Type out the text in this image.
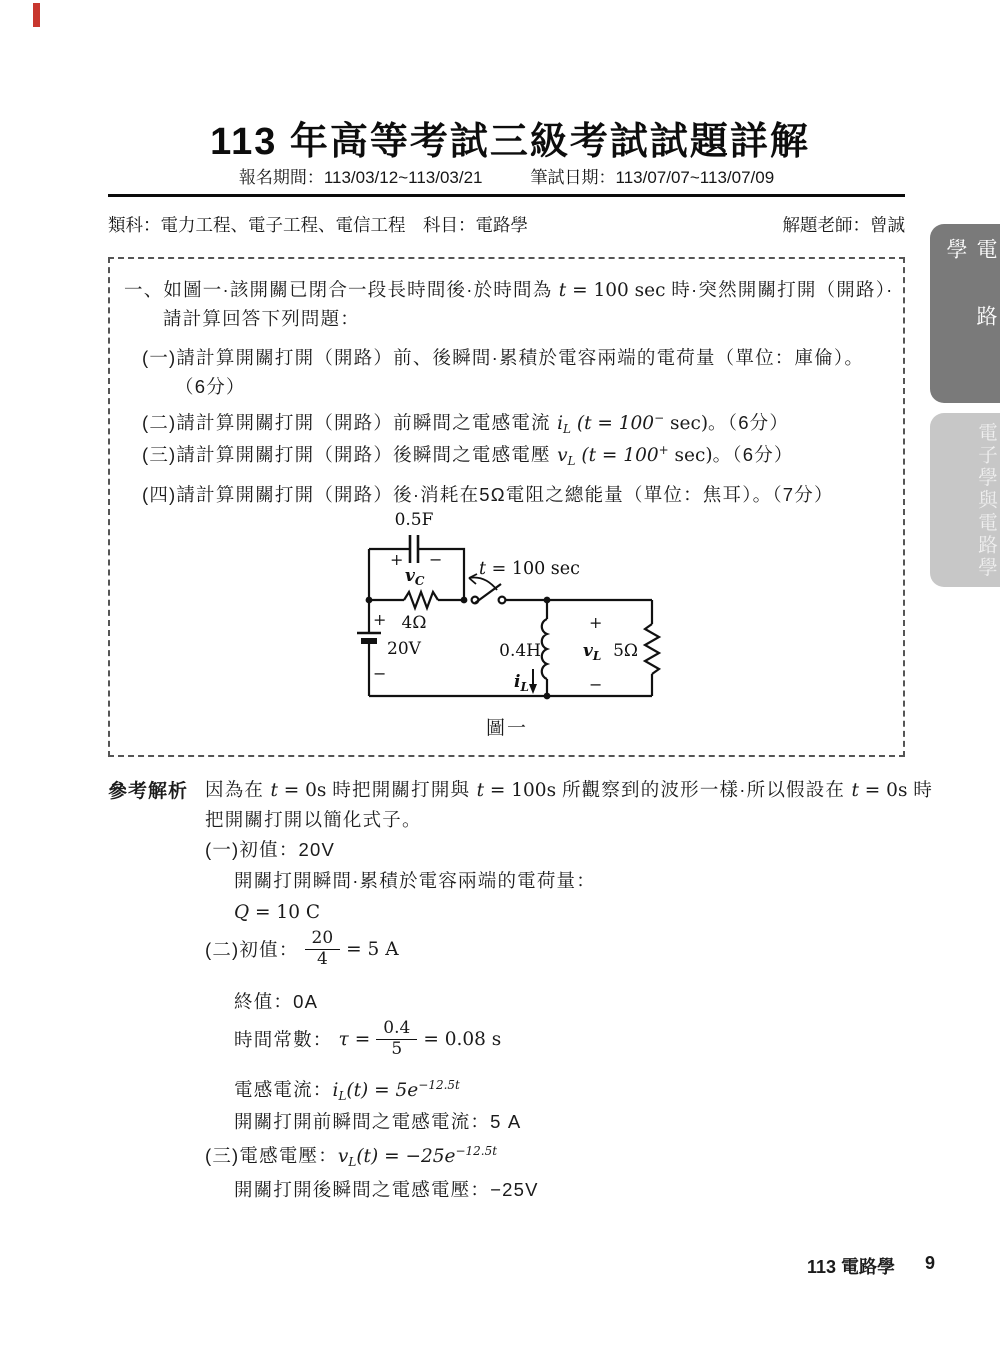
113 年高等考試三級考試試題詳解
報名期間：113/03/12~113/03/21	筆試日期：113/07/07~113/07/09
類科：電力工程、電子工程、電信工程　科目：電路學	解題老師：曾誠
電路學
電子學與電路學
一、如圖一·該開關已閉合一段長時間後·於時間為 t = 100 sec 時·突然開關打開（開路）·
請計算回答下列問題：
(一)請計算開關打開（開路）前、後瞬間·累積於電容兩端的電荷量（單位：庫倫）。
（6分）
(二)請計算開關打開（開路）前瞬間之電感電流 $i_L$ (t = 100− sec)。（6分）
(三)請計算開關打開（開路）後瞬間之電感電壓 $v_L$ (t = 100+ sec)。（6分）
(四)請計算開關打開（開路）後·消耗在5Ω電阻之總能量（單位：焦耳）。（7分）
0.5F
+ −
$v_C$
t = 100 sec
4Ω
+
20V
−
0.4H
$i_L$
+
$v_L$ 5Ω
−
圖一
參考解析 因為在 t = 0s 時把開關打開與 t = 100s 所觀察到的波形一樣·所以假設在 t = 0s 時
把開關打開以簡化式子。
(一)初值：20V
開關打開瞬間·累積於電容兩端的電荷量：
Q = 10 C
(二)初值： $\frac{20}{4} = 5$ A
終值：0A
時間常數： $\tau = \frac{0.4}{5} = 0.08$ s
電感電流：$i_L(t) = 5e^{-12.5t}$
開關打開前瞬間之電感電流：5 A
(三)電感電壓：$v_L(t) = -25e^{-12.5t}$
開關打開後瞬間之電感電壓：−25V
113 電路學 9
